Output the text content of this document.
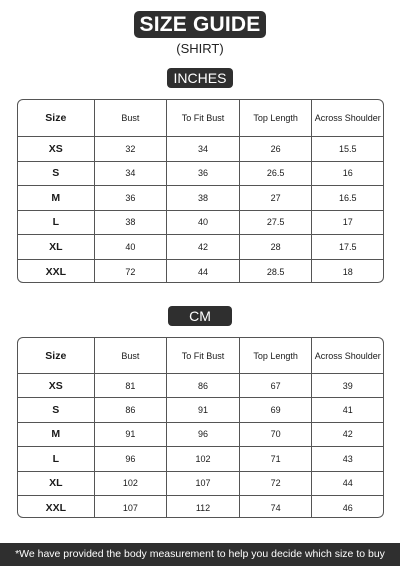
SIZE GUIDE
(SHIRT)
INCHES
Size	Bust	To Fit Bust	Top Length	Across Shoulder
XS	32	34	26	15.5
S	34	36	26.5	16
M	36	38	27	16.5
L	38	40	27.5	17
XL	40	42	28	17.5
XXL	72	44	28.5	18
CM
Size	Bust	To Fit Bust	Top Length	Across Shoulder
XS	81	86	67	39
S	86	91	69	41
M	91	96	70	42
L	96	102	71	43
XL	102	107	72	44
XXL	107	112	74	46
*We have provided the body measurement to help you decide which size to buy
